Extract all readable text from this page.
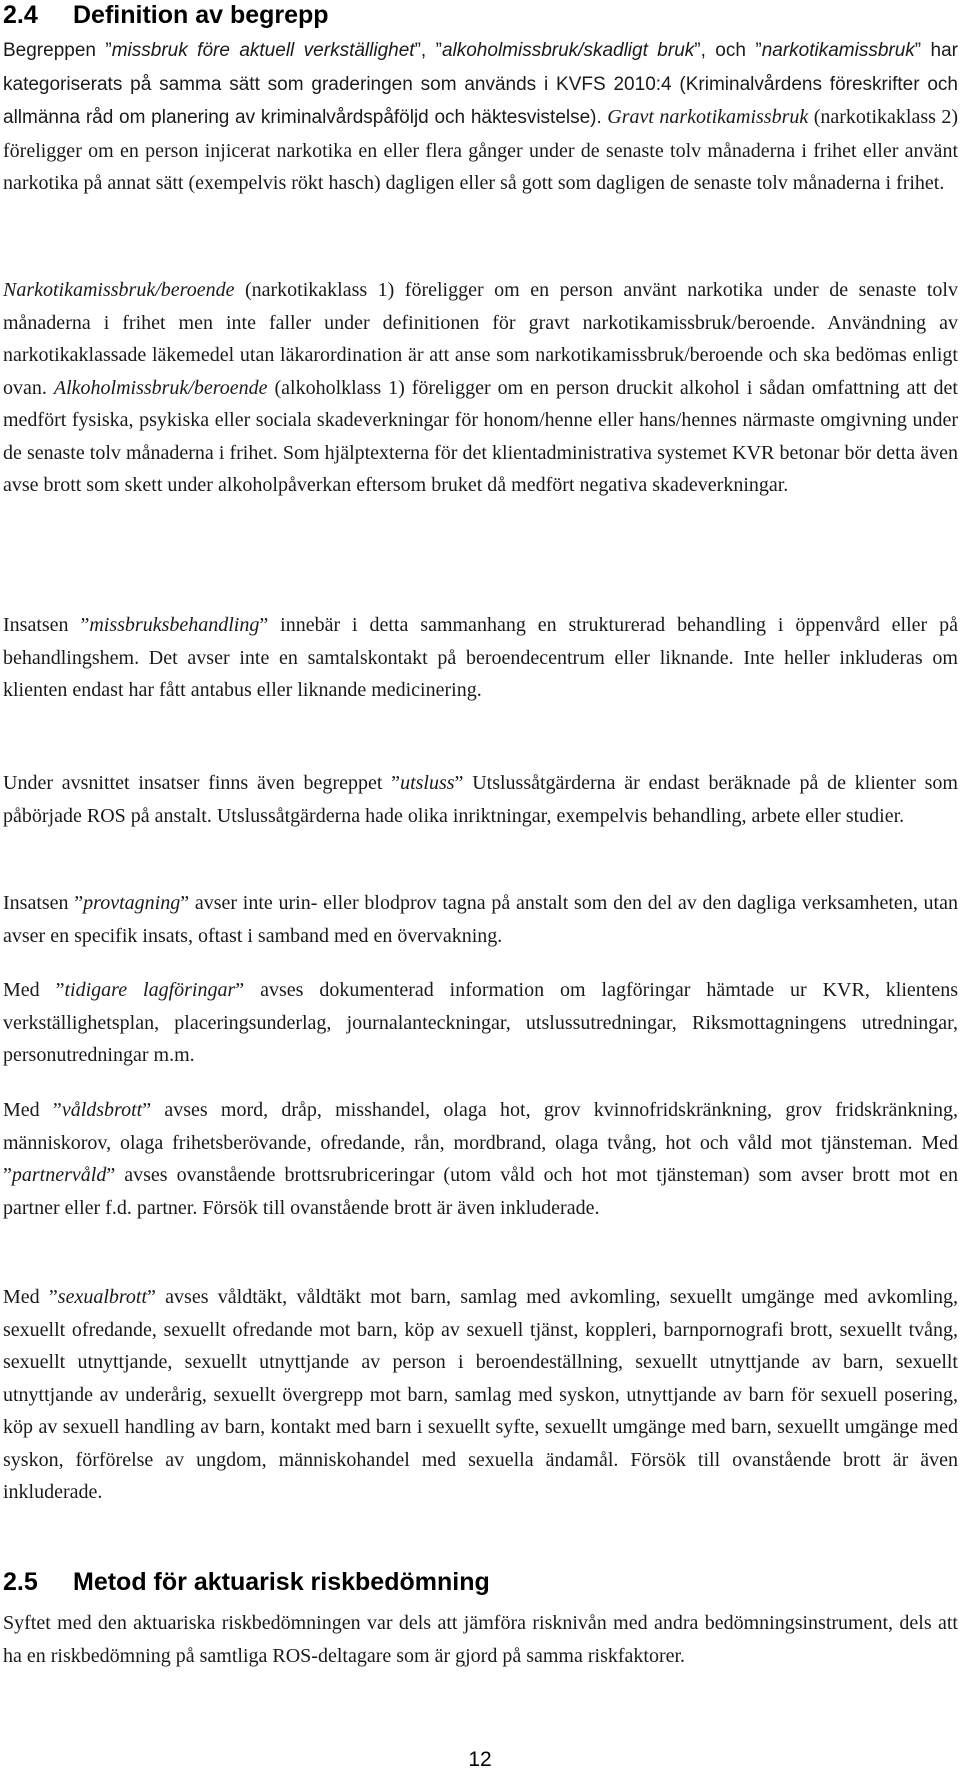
2.4 Definition av begrepp

Begreppen ”missbruk före aktuell verkställighet”, ”alkoholmissbruk/skadligt bruk”, och ”narkotikamissbruk” har kategoriserats på samma sätt som graderingen som används i KVFS 2010:4 (Kriminalvårdens föreskrifter och allmänna råd om planering av kriminalvårdspåföljd och häktesvistelse). Gravt narkotikamissbruk (narkotikaklass 2) föreligger om en person injicerat narkotika en eller flera gånger under de senaste tolv månaderna i frihet eller använt narkotika på annat sätt (exempelvis rökt hasch) dagligen eller så gott som dagligen de senaste tolv månaderna i frihet.

Narkotikamissbruk/beroende (narkotikaklass 1) föreligger om en person använt narkotika under de senaste tolv månaderna i frihet men inte faller under definitionen för gravt narkotikamissbruk/beroende. Användning av narkotikaklassade läkemedel utan läkarordination är att anse som narkotikamissbruk/beroende och ska bedömas enligt ovan. Alkoholmissbruk/beroende (alkoholklass 1) föreligger om en person druckit alkohol i sådan omfattning att det medfört fysiska, psykiska eller sociala skadeverkningar för honom/henne eller hans/hennes närmaste omgivning under de senaste tolv månaderna i frihet. Som hjälptexterna för det klientadministrativa systemet KVR betonar bör detta även avse brott som skett under alkoholpåverkan eftersom bruket då medfört negativa skadeverkningar.

Insatsen ”missbruksbehandling” innebär i detta sammanhang en strukturerad behandling i öppenvård eller på behandlingshem. Det avser inte en samtalskontakt på beroendecentrum eller liknande. Inte heller inkluderas om klienten endast har fått antabus eller liknande medicinering.

Under avsnittet insatser finns även begreppet ”utsluss” Utslussåtgärderna är endast beräknade på de klienter som påbörjade ROS på anstalt. Utslussåtgärderna hade olika inriktningar, exempelvis behandling, arbete eller studier.

Insatsen ”provtagning” avser inte urin- eller blodprov tagna på anstalt som den del av den dagliga verksamheten, utan avser en specifik insats, oftast i samband med en övervakning.

Med ”tidigare lagföringar” avses dokumenterad information om lagföringar hämtade ur KVR, klientens verkställighetsplan, placeringsunderlag, journalanteckningar, utslussutredningar, Riksmottagningens utredningar, personutredningar m.m.

Med ”våldsbrott” avses mord, dråp, misshandel, olaga hot, grov kvinnofridskränkning, grov fridskränkning, människorov, olaga frihetsberövande, ofredande, rån, mordbrand, olaga tvång, hot och våld mot tjänsteman. Med ”partnervåld” avses ovanstående brottsrubriceringar (utom våld och hot mot tjänsteman) som avser brott mot en partner eller f.d. partner. Försök till ovanstående brott är även inkluderade.

Med ”sexualbrott” avses våldtäkt, våldtäkt mot barn, samlag med avkomling, sexuellt umgänge med avkomling, sexuellt ofredande, sexuellt ofredande mot barn, köp av sexuell tjänst, koppleri, barnpornografi brott, sexuellt tvång, sexuellt utnyttjande, sexuellt utnyttjande av person i beroendeställning, sexuellt utnyttjande av barn, sexuellt utnyttjande av underårig, sexuellt övergrepp mot barn, samlag med syskon, utnyttjande av barn för sexuell posering, köp av sexuell handling av barn, kontakt med barn i sexuellt syfte, sexuellt umgänge med barn, sexuellt umgänge med syskon, förförelse av ungdom, människohandel med sexuella ändamål. Försök till ovanstående brott är även inkluderade.

2.5 Metod för aktuarisk riskbedömning

Syftet med den aktuariska riskbedömningen var dels att jämföra risknivån med andra bedömningsinstrument, dels att ha en riskbedömning på samtliga ROS-deltagare som är gjord på samma riskfaktorer.

12
